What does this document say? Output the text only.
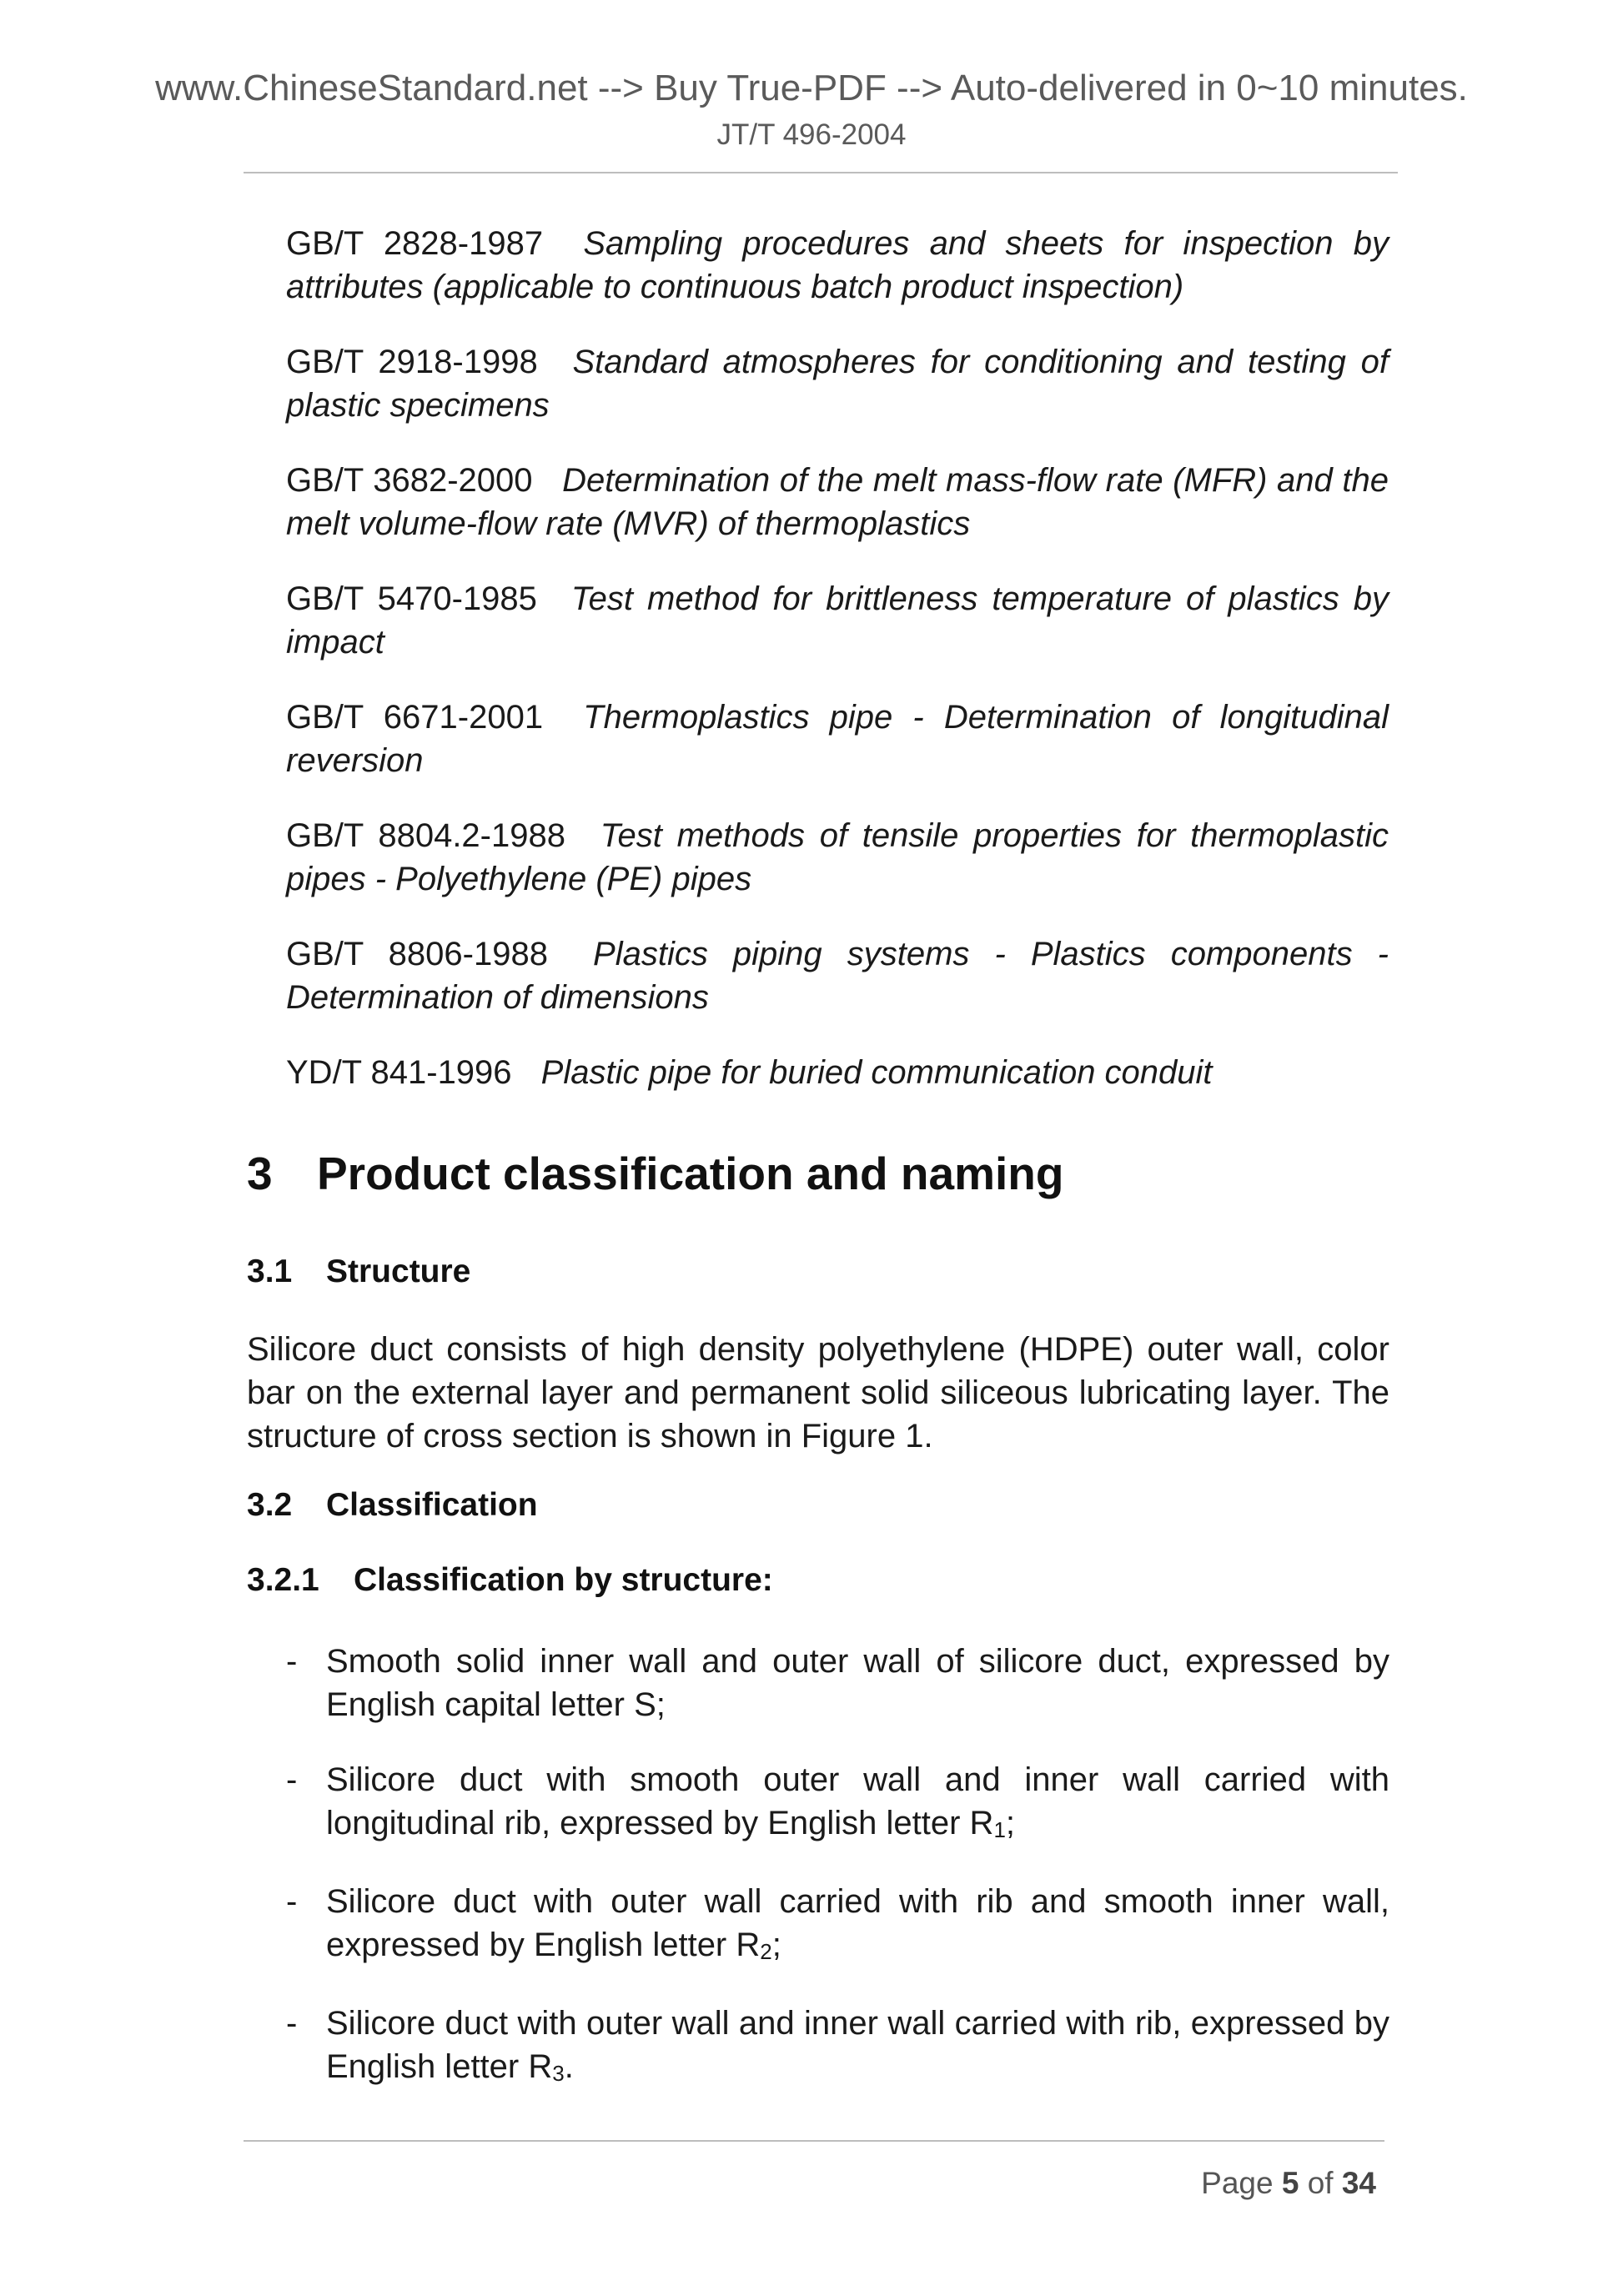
www.ChineseStandard.net --> Buy True-PDF --> Auto-delivered in 0~10 minutes.
JT/T 496-2004

GB/T 2828-1987 Sampling procedures and sheets for inspection by attributes (applicable to continuous batch product inspection)

GB/T 2918-1998 Standard atmospheres for conditioning and testing of plastic specimens

GB/T 3682-2000 Determination of the melt mass-flow rate (MFR) and the melt volume-flow rate (MVR) of thermoplastics

GB/T 5470-1985 Test method for brittleness temperature of plastics by impact

GB/T 6671-2001 Thermoplastics pipe - Determination of longitudinal reversion

GB/T 8804.2-1988 Test methods of tensile properties for thermoplastic pipes - Polyethylene (PE) pipes

GB/T 8806-1988 Plastics piping systems - Plastics components - Determination of dimensions

YD/T 841-1996 Plastic pipe for buried communication conduit

3 Product classification and naming
3.1 Structure
Silicore duct consists of high density polyethylene (HDPE) outer wall, color bar on the external layer and permanent solid siliceous lubricating layer. The structure of cross section is shown in Figure 1.
3.2 Classification
3.2.1 Classification by structure:
- Smooth solid inner wall and outer wall of silicore duct, expressed by English capital letter S;
- Silicore duct with smooth outer wall and inner wall carried with longitudinal rib, expressed by English letter $R_1$;
- Silicore duct with outer wall carried with rib and smooth inner wall, expressed by English letter $R_2$;
- Silicore duct with outer wall and inner wall carried with rib, expressed by English letter $R_3$.
Page 5 of 34
